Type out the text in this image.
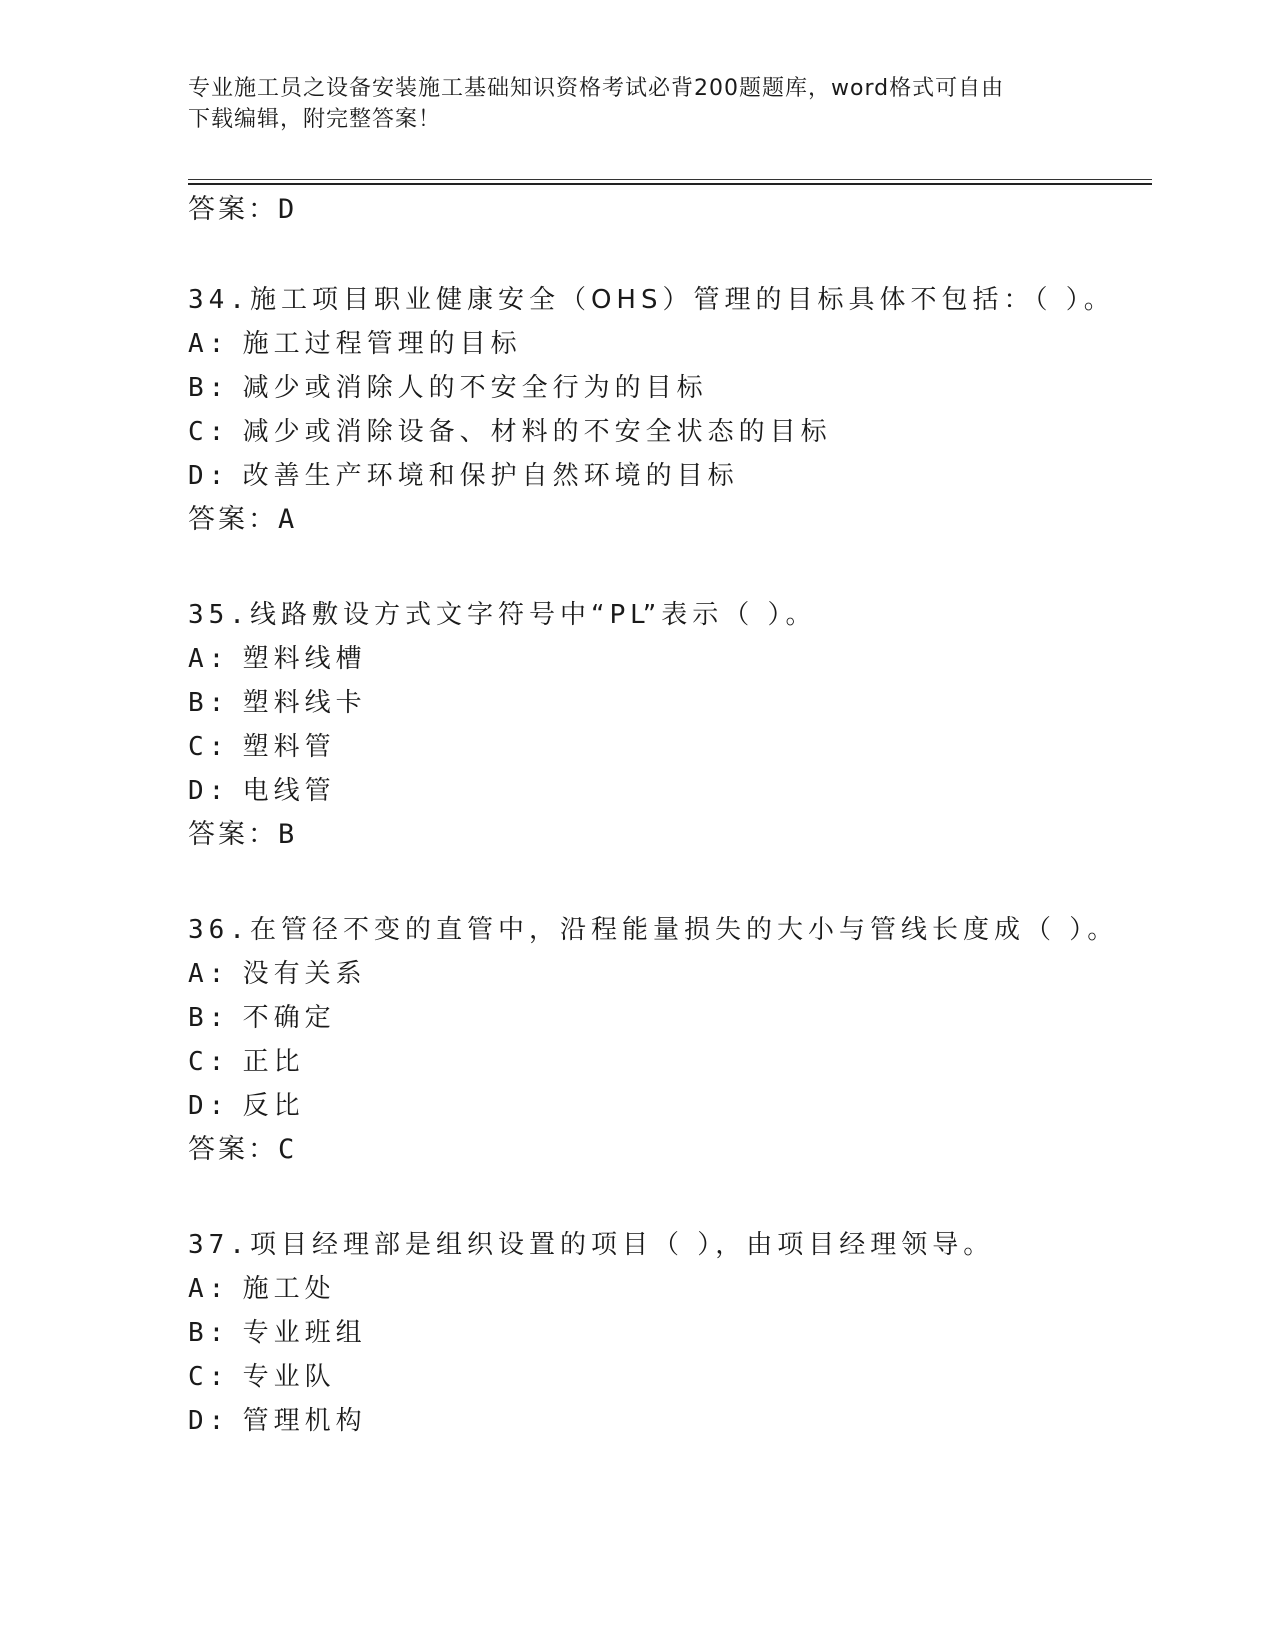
专业施工员之设备安装施工基础知识资格考试必背200题题库，word格式可自由
下载编辑，附完整答案！
答案：D
34.施工项目职业健康安全（OHS）管理的目标具体不包括：（ ）。
A: 施工过程管理的目标
B: 减少或消除人的不安全行为的目标
C: 减少或消除设备、材料的不安全状态的目标
D: 改善生产环境和保护自然环境的目标
答案：A
35.线路敷设方式文字符号中“PL”表示（ ）。
A: 塑料线槽
B: 塑料线卡
C: 塑料管
D: 电线管
答案：B
36.在管径不变的直管中，沿程能量损失的大小与管线长度成（ ）。
A: 没有关系
B: 不确定
C: 正比
D: 反比
答案：C
37.项目经理部是组织设置的项目（ ），由项目经理领导。
A: 施工处
B: 专业班组
C: 专业队
D: 管理机构
